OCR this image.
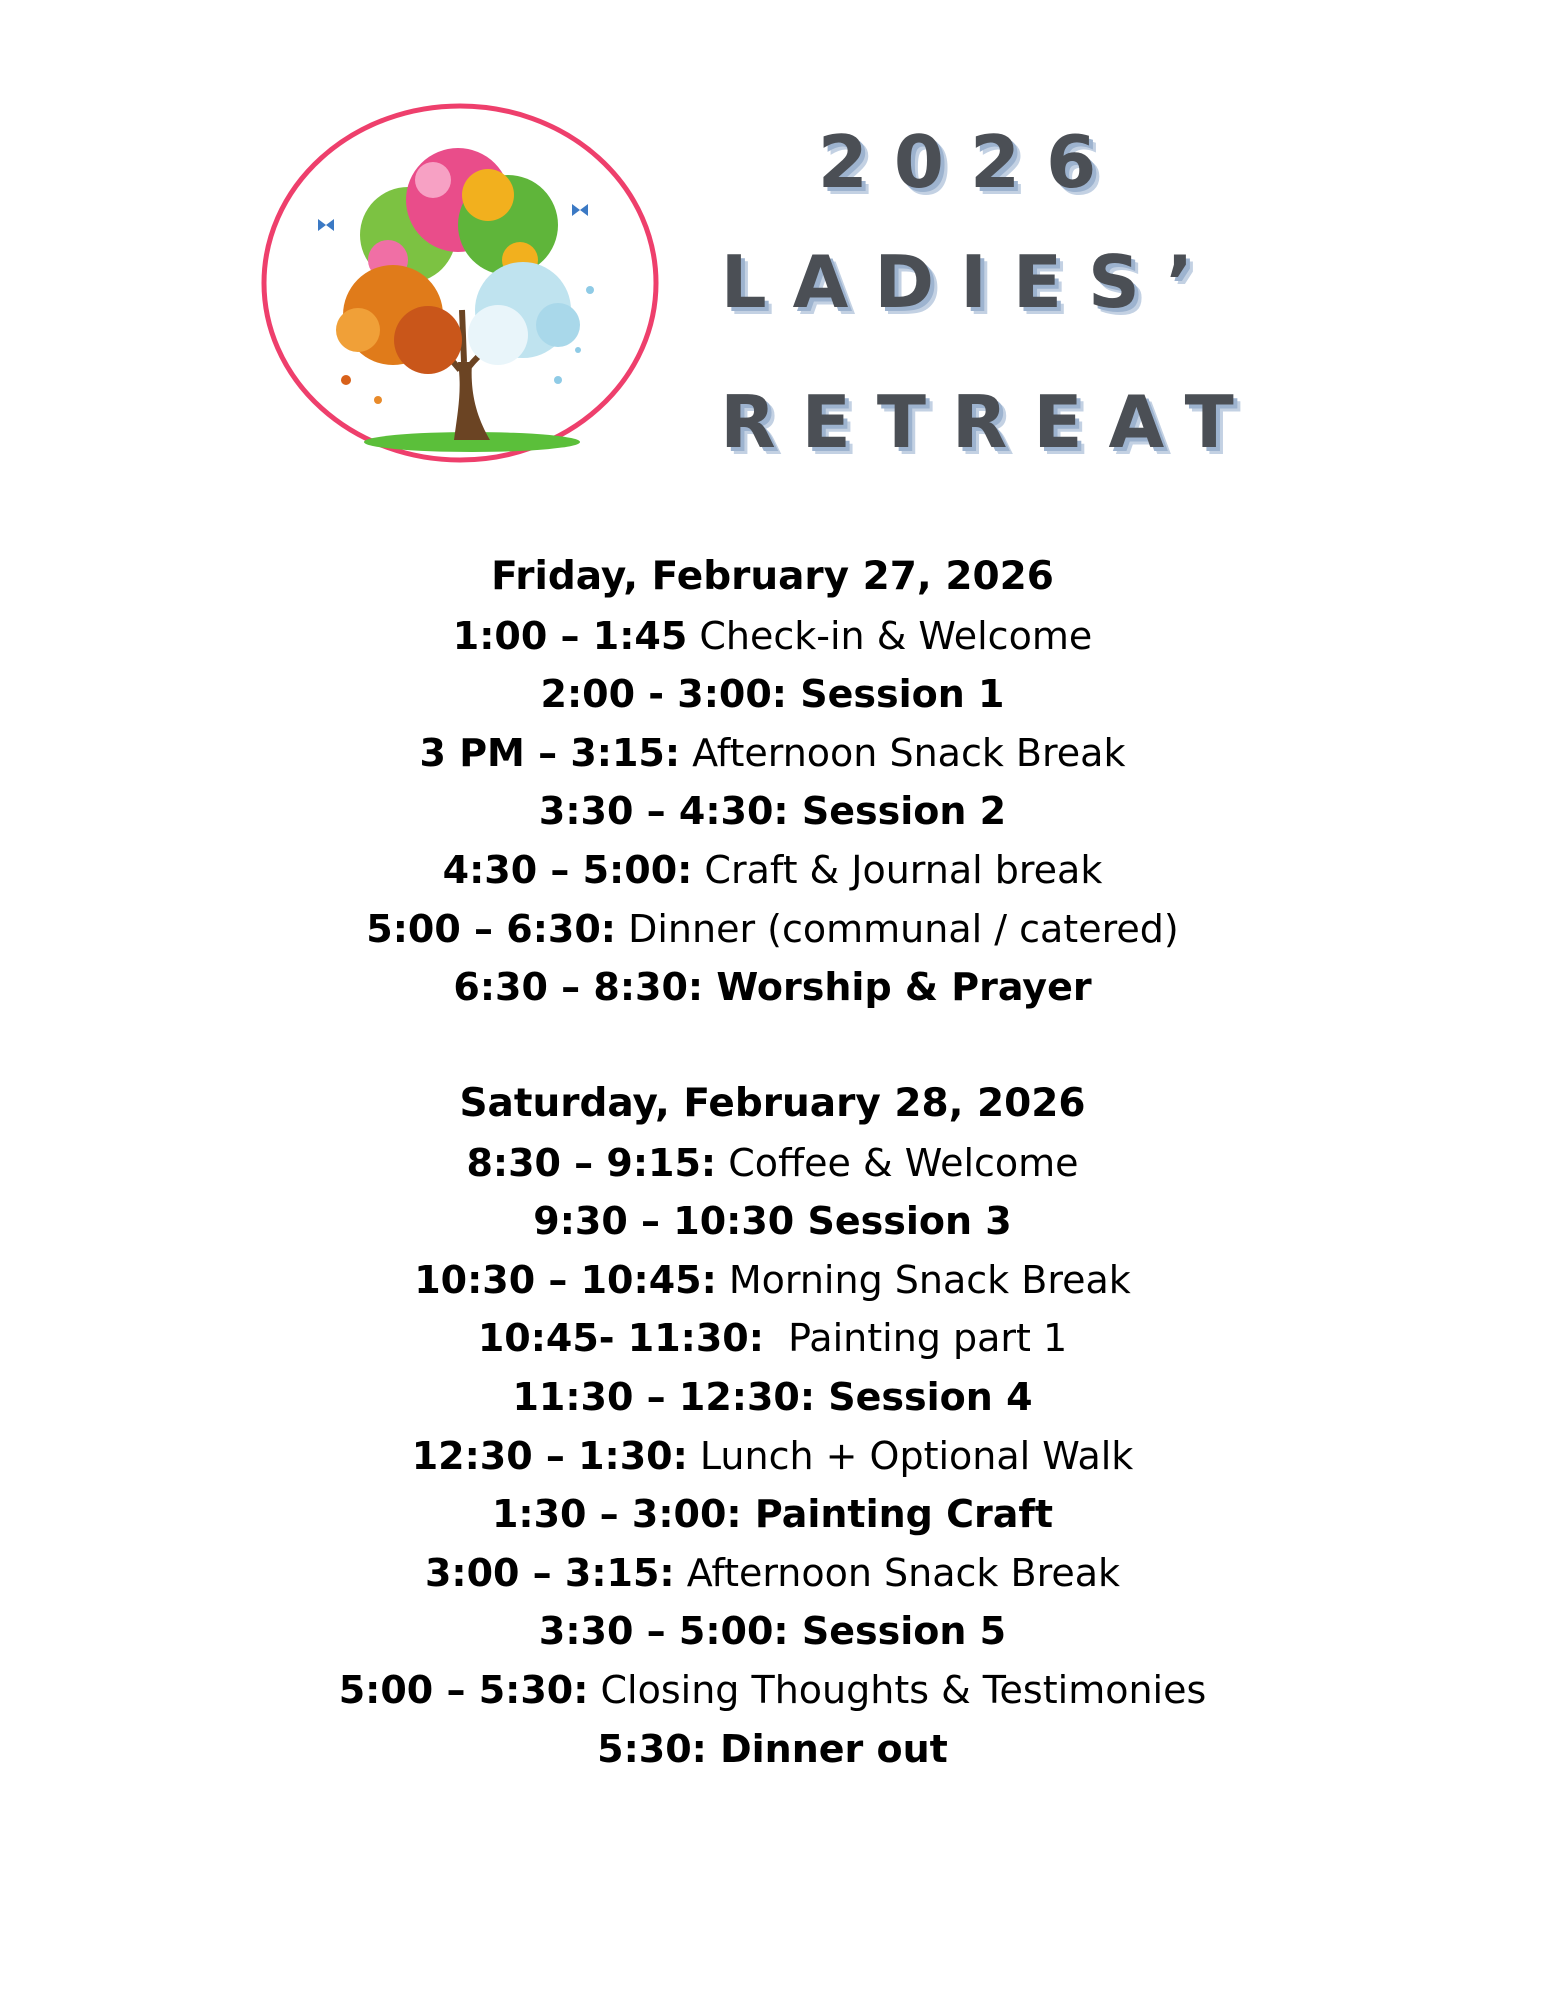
2026
LADIES’
RETREAT
Friday, February 27, 2026
1:00 – 1:45 Check-in & Welcome
2:00 - 3:00: Session 1
3 PM – 3:15: Afternoon Snack Break
3:30 – 4:30: Session 2
4:30 – 5:00: Craft & Journal break
5:00 – 6:30: Dinner (communal / catered)
6:30 – 8:30: Worship & Prayer
Saturday, February 28, 2026
8:30 – 9:15: Coffee & Welcome
9:30 – 10:30 Session 3
10:30 – 10:45: Morning Snack Break
10:45- 11:30:  Painting part 1
11:30 – 12:30: Session 4
12:30 – 1:30: Lunch + Optional Walk
1:30 – 3:00: Painting Craft
3:00 – 3:15: Afternoon Snack Break
3:30 – 5:00: Session 5
5:00 – 5:30: Closing Thoughts & Testimonies
5:30: Dinner out
